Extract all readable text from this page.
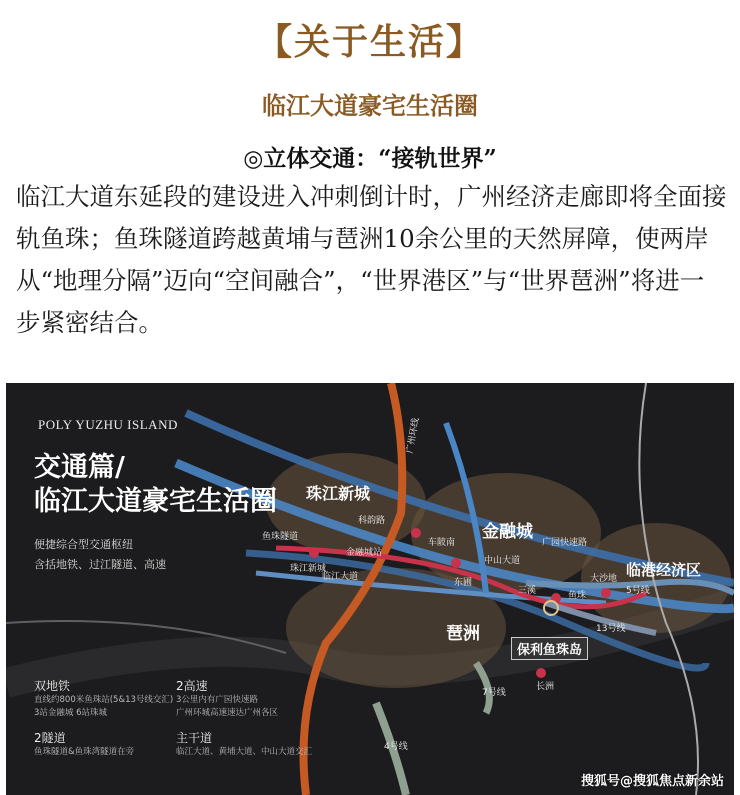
【关于生活】
临江大道豪宅生活圈
◎立体交通：“接轨世界”
临江大道东延段的建设进入冲刺倒计时，广州经济走廊即将全面接轨鱼珠；鱼珠隧道跨越黄埔与琶洲10余公里的天然屏障，使两岸从“地理分隔”迈向“空间融合”，“世界港区”与“世界琶洲”将进一步紧密结合。
POLY YUZHU ISLAND
交通篇/
临江大道豪宅生活圈
便捷综合型交通枢纽
含括地铁、过江隧道、高速
双地铁
直线约800米鱼珠站(5&13号线交汇)
3站金融城 6站珠城
2高速
3公里内有广园快速路
广州环城高速速达广州各区
2隧道
鱼珠隧道&鱼珠湾隧道在旁
主干道
临江大道、黄埔大道、中山大道交汇
珠江新城
金融城
琶洲
临港经济区
保利鱼珠岛
科韵路
金融城站
珠江新城
车陂南
东圃
三溪	鱼珠
大沙地
长洲
广州环线
5号线
13号线
7号线
4号线
中山大道
临江大道
广园快速路
鱼珠隧道
搜狐号@搜狐焦点新余站
